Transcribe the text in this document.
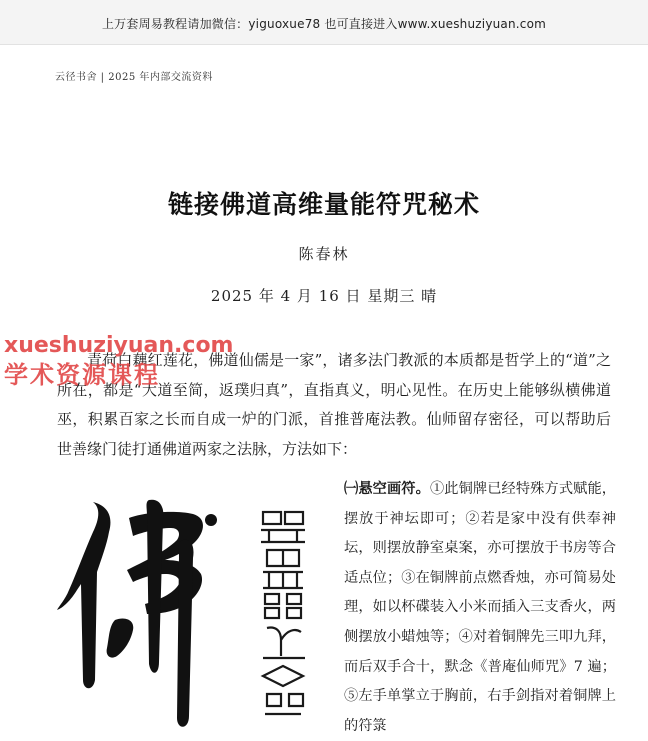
上万套周易教程请加微信：yiguoxue78 也可直接进入www.xueshuziyuan.com
云径书舍 | 2025 年内部交流资料
链接佛道高维量能符咒秘术
陈春林
2025 年 4 月 16 日 星期三 晴

青荷白藕红莲花，佛道仙儒是一家”，诸多法门教派的本质都是哲学上的“道”之所在，都是“大道至简，返璞归真”，直指真义，明心见性。在历史上能够纵横佛道巫，积累百家之长而自成一炉的门派，首推普庵法教。仙师留存密径，可以帮助后世善缘门徒打通佛道两家之法脉，方法如下：

xueshuziyuan.com
学术资源课程

㈠悬空画符。①此铜牌已经特殊方式赋能，摆放于神坛即可；②若是家中没有供奉神坛，则摆放静室桌案，亦可摆放于书房等合适点位；③在铜牌前点燃香烛，亦可简易处理，如以杯碟装入小米而插入三支香火，两侧摆放小蜡烛等；④对着铜牌先三叩九拜，而后双手合十，默念《普庵仙师咒》7 遍；⑤左手单掌立于胸前，右手剑指对着铜牌上的符箓
